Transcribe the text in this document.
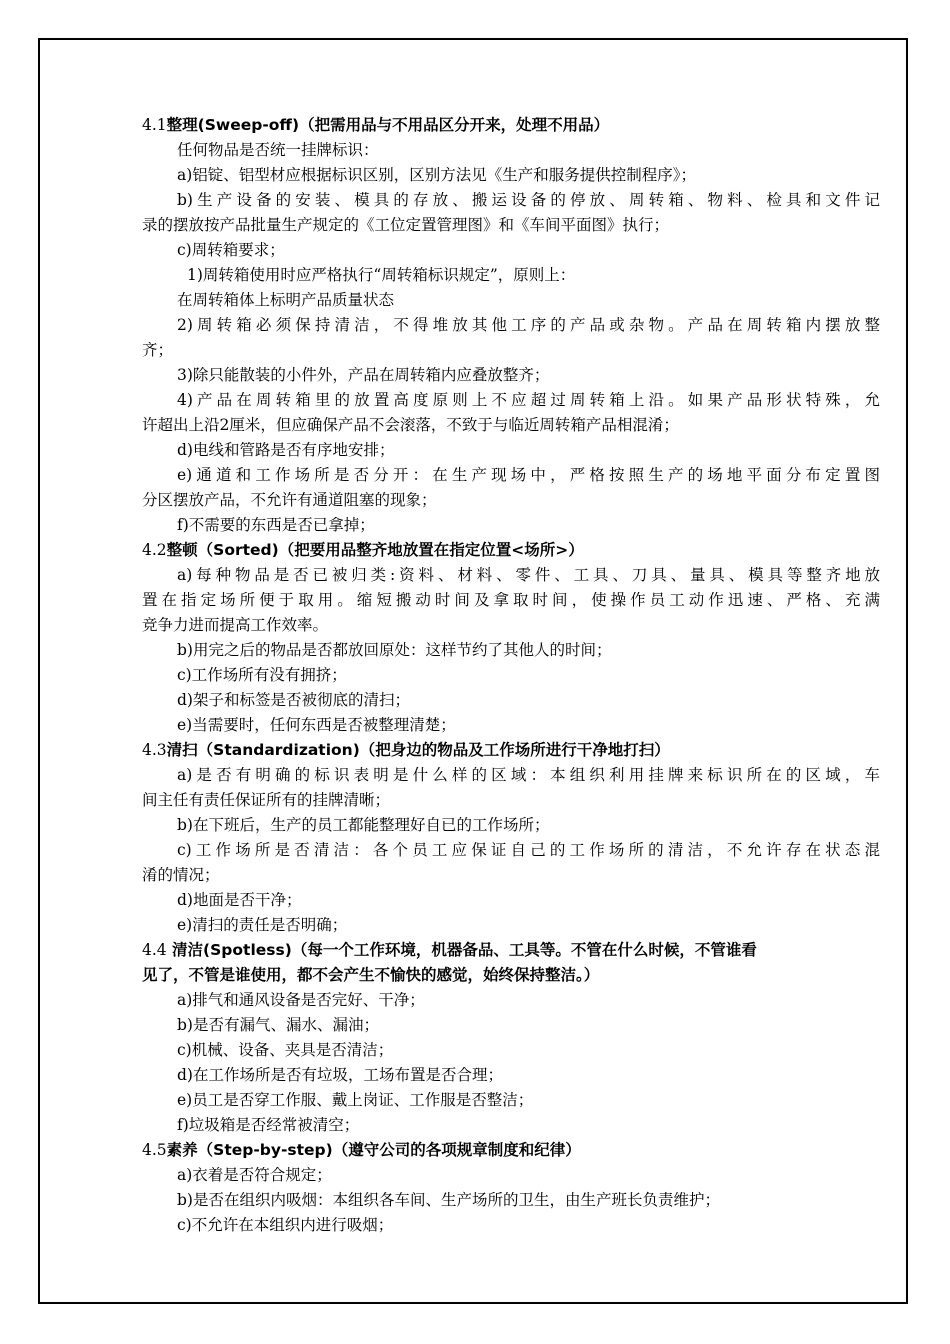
4.1整理(Sweep-off)（把需用品与不用品区分开来，处理不用品）
任何物品是否统一挂牌标识：
a)铝锭、铝型材应根据标识区别，区别方法见《生产和服务提供控制程序》；
b)生产设备的安装、模具的存放、搬运设备的停放、周转箱、物料、检具和文件记
录的摆放按产品批量生产规定的《工位定置管理图》和《车间平面图》执行；
c)周转箱要求；
1)周转箱使用时应严格执行“周转箱标识规定”，原则上：
在周转箱体上标明产品质量状态
2)周转箱必须保持清洁，不得堆放其他工序的产品或杂物。产品在周转箱内摆放整
齐；
3)除只能散装的小件外，产品在周转箱内应叠放整齐；
4)产品在周转箱里的放置高度原则上不应超过周转箱上沿。如果产品形状特殊，允
许超出上沿2厘米，但应确保产品不会滚落，不致于与临近周转箱产品相混淆；
d)电线和管路是否有序地安排；
e)通道和工作场所是否分开：在生产现场中，严格按照生产的场地平面分布定置图
分区摆放产品，不允许有通道阻塞的现象；
f)不需要的东西是否已拿掉；
4.2整顿（Sorted)（把要用品整齐地放置在指定位置<场所>）
a)每种物品是否已被归类:资料、材料、零件、工具、刀具、量具、模具等整齐地放
置在指定场所便于取用。缩短搬动时间及拿取时间，使操作员工动作迅速、严格、充满
竞争力进而提高工作效率。
b)用完之后的物品是否都放回原处：这样节约了其他人的时间；
c)工作场所有没有拥挤；
d)架子和标签是否被彻底的清扫；
e)当需要时，任何东西是否被整理清楚；
4.3清扫（Standardization)（把身边的物品及工作场所进行干净地打扫）
a)是否有明确的标识表明是什么样的区域：本组织利用挂牌来标识所在的区域，车
间主任有责任保证所有的挂牌清晰；
b)在下班后，生产的员工都能整理好自已的工作场所；
c)工作场所是否清洁：各个员工应保证自己的工作场所的清洁，不允许存在状态混
淆的情况；
d)地面是否干净；
e)清扫的责任是否明确；
4.4 清洁(Spotless)（每一个工作环境，机器备品、工具等。不管在什么时候，不管谁看
见了，不管是谁使用，都不会产生不愉快的感觉，始终保持整洁。）
a)排气和通风设备是否完好、干净；
b)是否有漏气、漏水、漏油；
c)机械、设备、夹具是否清洁；
d)在工作场所是否有垃圾，工场布置是否合理；
e)员工是否穿工作服、戴上岗证、工作服是否整洁；
f)垃圾箱是否经常被清空；
4.5素养（Step-by-step)（遵守公司的各项规章制度和纪律）
a)衣着是否符合规定；
b)是否在组织内吸烟：本组织各车间、生产场所的卫生，由生产班长负责维护；
c)不允许在本组织内进行吸烟；
